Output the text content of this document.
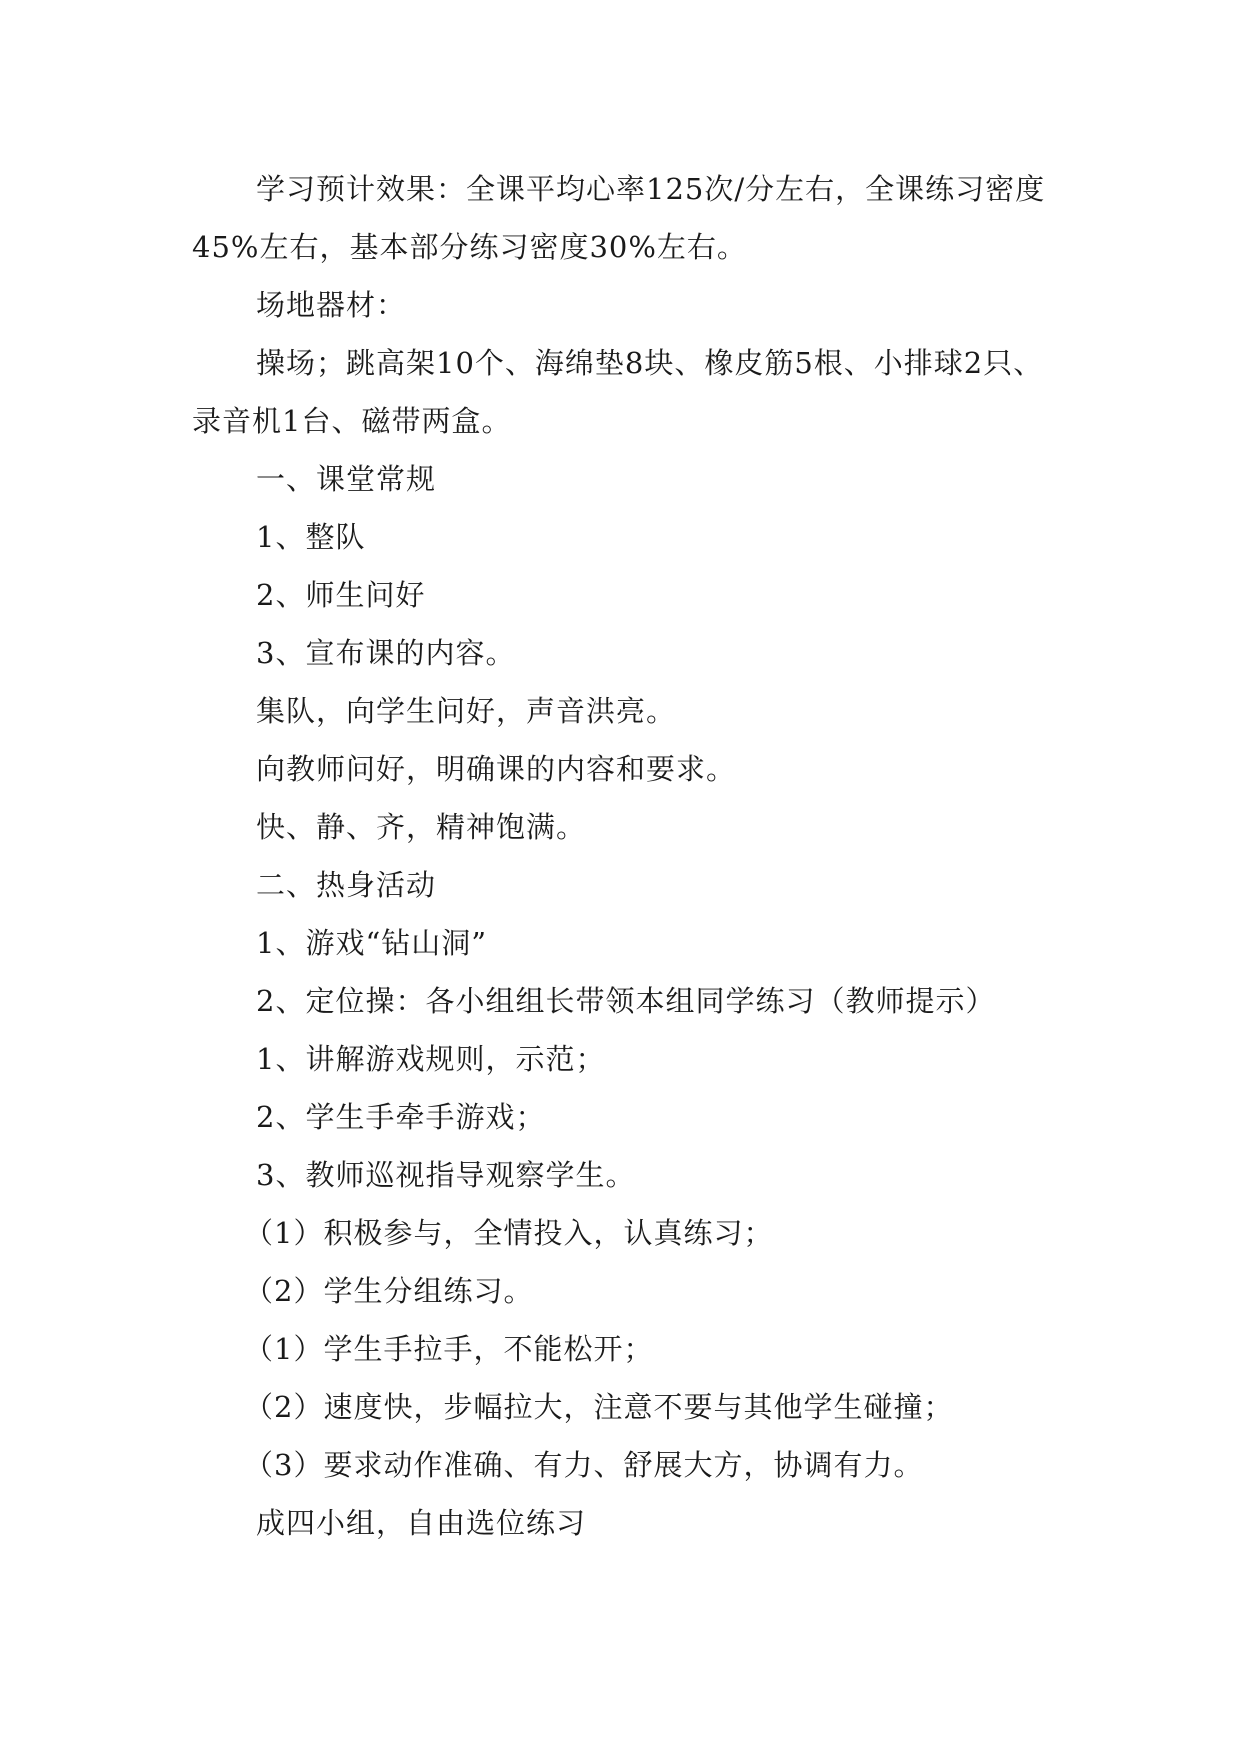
学习预计效果：全课平均心率125次/分左右，全课练习密度45%左右，基本部分练习密度30%左右。

场地器材：

操场；跳高架10个、海绵垫8块、橡皮筋5根、小排球2只、录音机1台、磁带两盒。

一、课堂常规

1、整队

2、师生问好

3、宣布课的内容。

集队，向学生问好，声音洪亮。

向教师问好，明确课的内容和要求。

快、静、齐，精神饱满。

二、热身活动

1、游戏“钻山洞”

2、定位操：各小组组长带领本组同学练习（教师提示）

1、讲解游戏规则，示范；

2、学生手牵手游戏；

3、教师巡视指导观察学生。

（1）积极参与，全情投入，认真练习；

（2）学生分组练习。

（1）学生手拉手，不能松开；

（2）速度快，步幅拉大，注意不要与其他学生碰撞；

（3）要求动作准确、有力、舒展大方，协调有力。

成四小组，自由选位练习
